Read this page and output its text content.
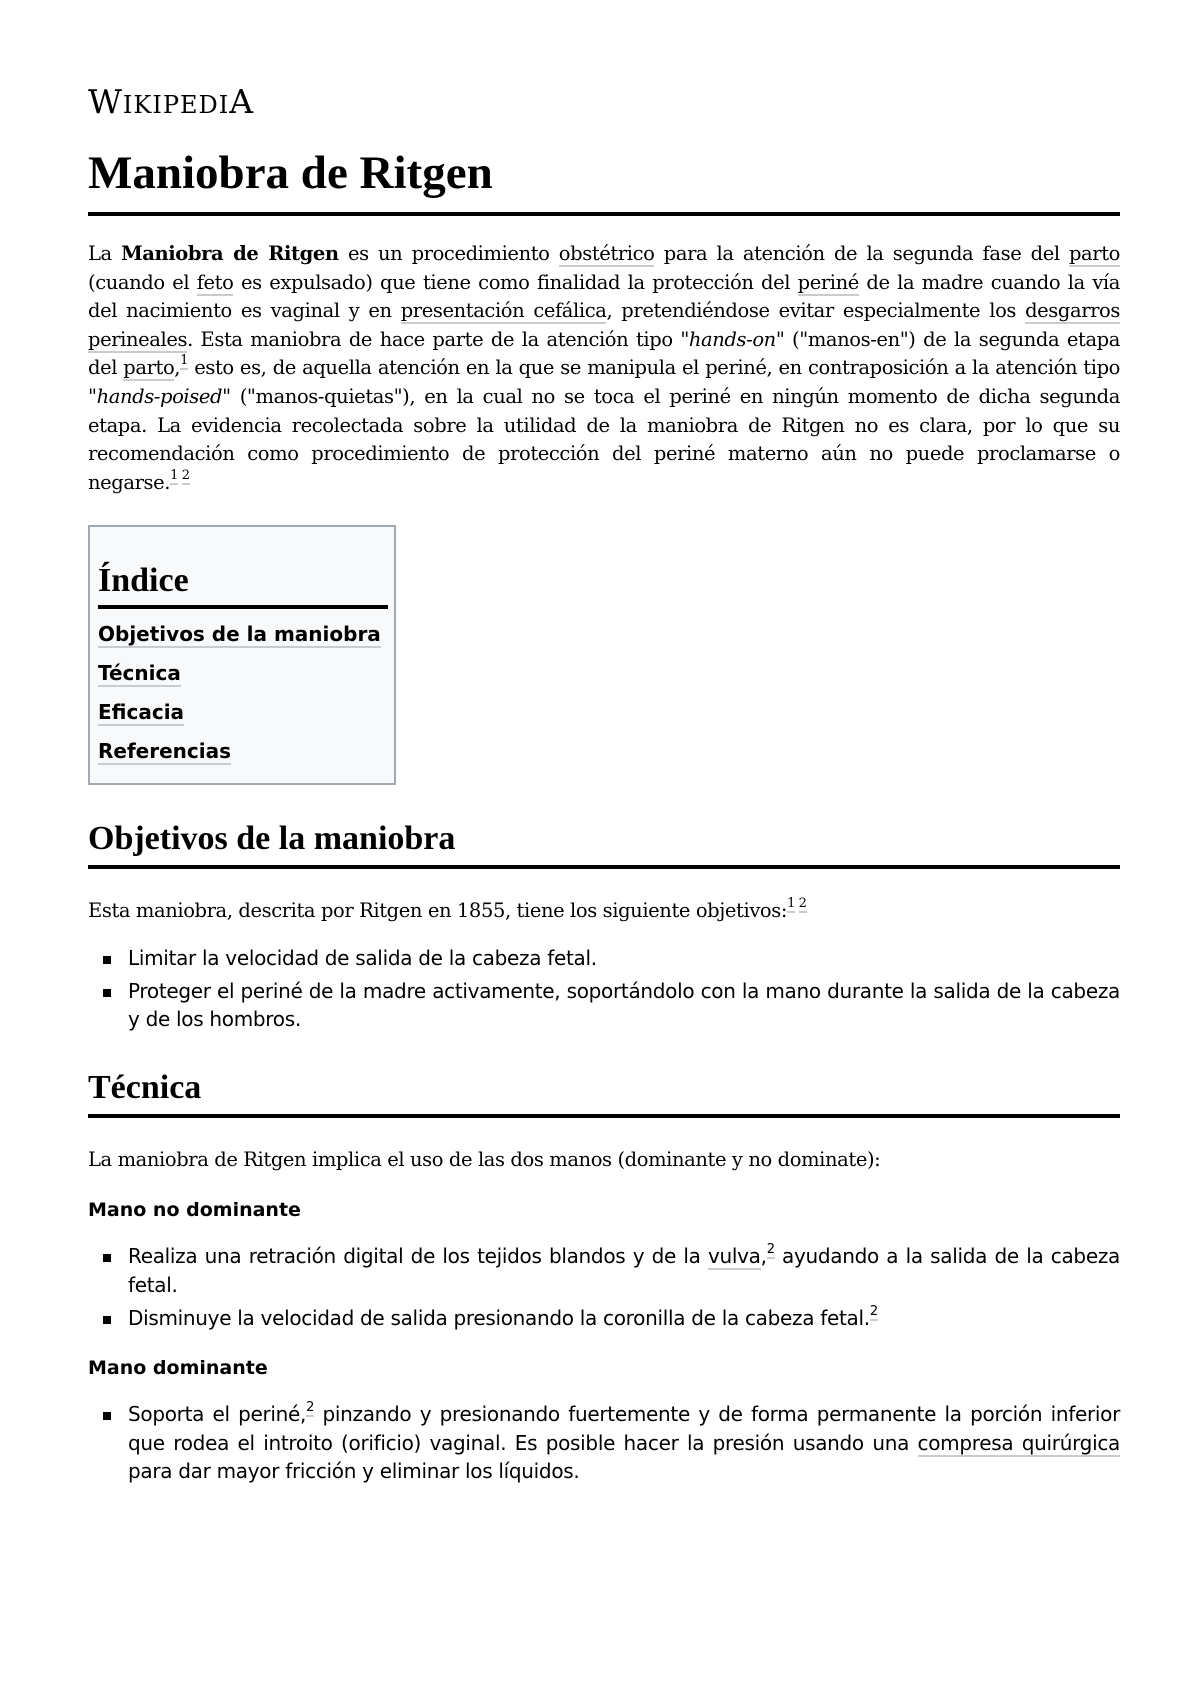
WIKIPEDIA
Maniobra de Ritgen

La Maniobra de Ritgen es un procedimiento obstétrico para la atención de la segunda fase del parto (cuando el feto es expulsado) que tiene como finalidad la protección del periné de la madre cuando la vía del nacimiento es vaginal y en presentación cefálica, pretendiéndose evitar especialmente los desgarros perineales. Esta maniobra de hace parte de la atención tipo "hands-on" ("manos-en") de la segunda etapa del parto,$^1$ esto es, de aquella atención en la que se manipula el periné, en contraposición a la atención tipo "hands-poised" ("manos-quietas"), en la cual no se toca el periné en ningún momento de dicha segunda etapa. La evidencia recolectada sobre la utilidad de la maniobra de Ritgen no es clara, por lo que su recomendación como procedimiento de protección del periné materno aún no puede proclamarse o negarse.$^{1 2}$

Índice
Objetivos de la maniobra
Técnica
Eficacia
Referencias
Objetivos de la maniobra

Esta maniobra, descrita por Ritgen en 1855, tiene los siguiente objetivos:$^{1 2}$

Limitar la velocidad de salida de la cabeza fetal.
Proteger el periné de la madre activamente, soportándolo con la mano durante la salida de la cabeza y de los hombros.
Técnica

La maniobra de Ritgen implica el uso de las dos manos (dominante y no dominate):

Mano no dominante
Realiza una retración digital de los tejidos blandos y de la vulva,$^2$ ayudando a la salida de la cabeza fetal.
Disminuye la velocidad de salida presionando la coronilla de la cabeza fetal.$^2$
Mano dominante
Soporta el periné,$^2$ pinzando y presionando fuertemente y de forma permanente la porción inferior que rodea el introito (orificio) vaginal. Es posible hacer la presión usando una compresa quirúrgica para dar mayor fricción y eliminar los líquidos.
